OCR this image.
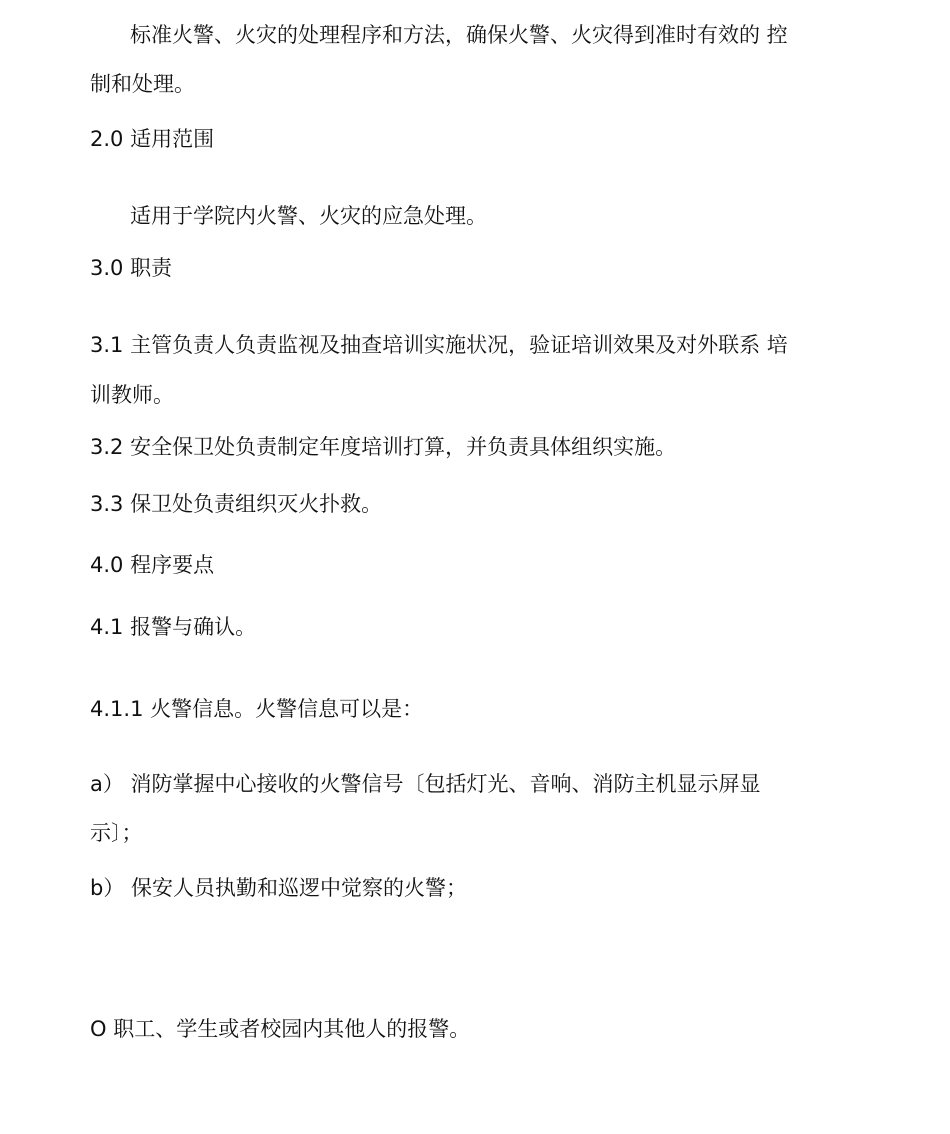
标准火警、火灾的处理程序和方法，确保火警、火灾得到准时有效的 控
制和处理。
2.0 适用范围
适用于学院内火警、火灾的应急处理。
3.0 职责
3.1 主管负责人负责监视及抽查培训实施状况，验证培训效果及对外联系 培
训教师。
3.2 安全保卫处负责制定年度培训打算，并负责具体组织实施。
3.3 保卫处负责组织灭火扑救。
4.0 程序要点
4.1 报警与确认。
4.1.1 火警信息。火警信息可以是：
a） 消防掌握中心接收的火警信号〔包括灯光、音响、消防主机显示屏显
示〕；
b） 保安人员执勤和巡逻中觉察的火警；
O 职工、学生或者校园内其他人的报警。
